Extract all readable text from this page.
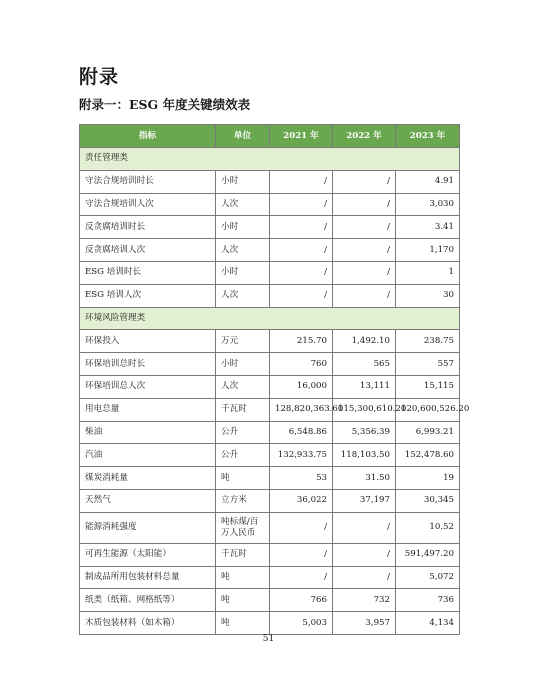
附录
附录一：ESG 年度关键绩效表
指标	单位	2021 年	2022 年	2023 年
责任管理类				
守法合规培训时长	小时	/	/	4.91
守法合规培训人次	人次	/	/	3,030
反贪腐培训时长	小时	/	/	3.41
反贪腐培训人次	人次	/	/	1,170
ESG 培训时长	小时	/	/	1
ESG 培训人次	人次	/	/	30
环境风险管理类				
环保投入	万元	215.70	1,492.10	238.75
环保培训总时长	小时	760	565	557
环保培训总人次	人次	16,000	13,111	15,115
用电总量	千瓦时	128,820,363.60	115,300,610.20	120,600,526.20
柴油	公升	6,548.86	5,356.39	6,993.21
汽油	公升	132,933.75	118,103.50	152,478.60
煤炭消耗量	吨	53	31.50	19
天然气	立方米	36,022	37,197	30,345
能源消耗强度	吨标煤/百万人民币	/	/	10.52
可再生能源（太阳能）	千瓦时	/	/	591,497.20
制成品所用包装材料总量	吨	/	/	5,072
纸类（纸箱、网格纸等）	吨	766	732	736
木质包装材料（如木箱）	吨	5,003	3,957	4,134
51
